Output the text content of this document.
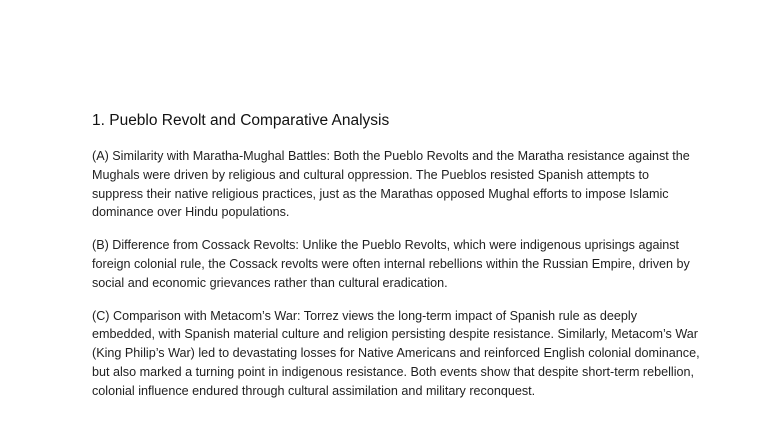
1. Pueblo Revolt and Comparative Analysis

(A) Similarity with Maratha-Mughal Battles: Both the Pueblo Revolts and the Maratha resistance against the Mughals were driven by religious and cultural oppression. The Pueblos resisted Spanish attempts to suppress their native religious practices, just as the Marathas opposed Mughal efforts to impose Islamic dominance over Hindu populations.

(B) Difference from Cossack Revolts: Unlike the Pueblo Revolts, which were indigenous uprisings against foreign colonial rule, the Cossack revolts were often internal rebellions within the Russian Empire, driven by social and economic grievances rather than cultural eradication.

(C) Comparison with Metacom’s War: Torrez views the long-term impact of Spanish rule as deeply embedded, with Spanish material culture and religion persisting despite resistance. Similarly, Metacom’s War (King Philip’s War) led to devastating losses for Native Americans and reinforced English colonial dominance, but also marked a turning point in indigenous resistance. Both events show that despite short-term rebellion, colonial influence endured through cultural assimilation and military reconquest.
